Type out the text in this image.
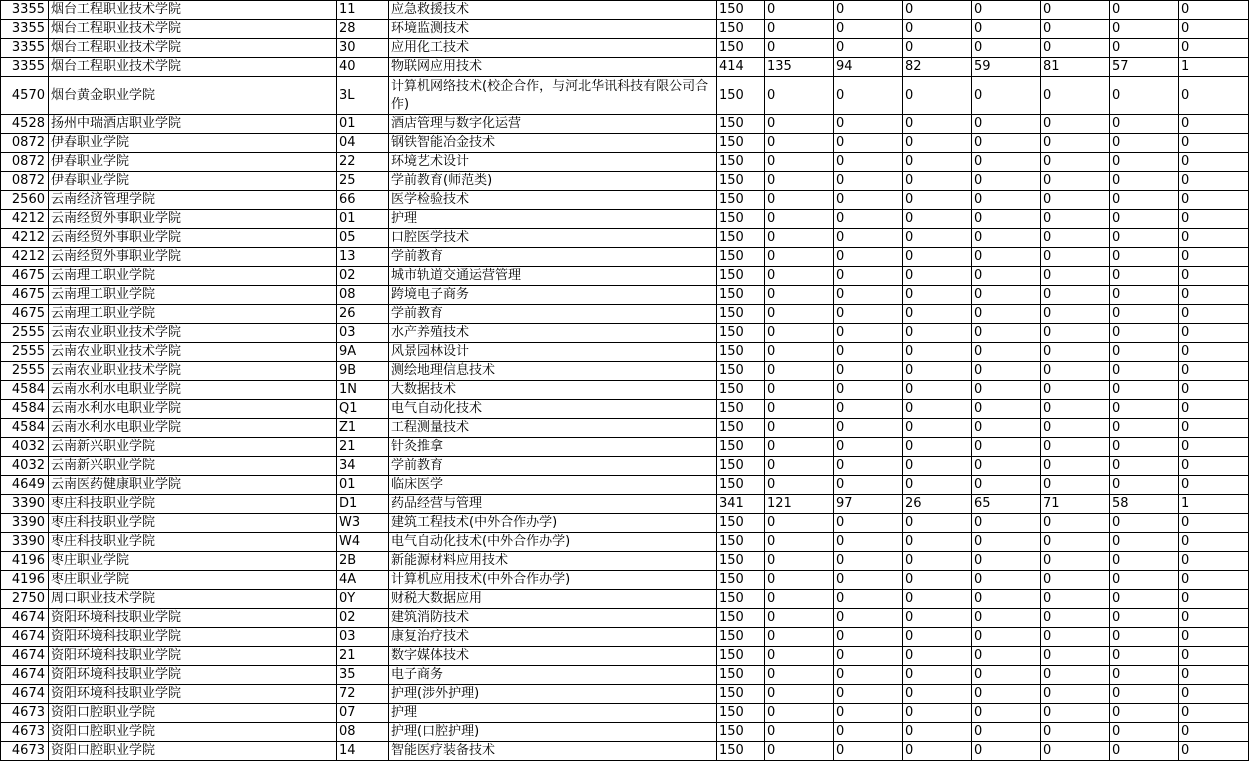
3355	烟台工程职业技术学院	11	应急救援技术	150	0	0	0	0	0	0	0
3355	烟台工程职业技术学院	28	环境监测技术	150	0	0	0	0	0	0	0
3355	烟台工程职业技术学院	30	应用化工技术	150	0	0	0	0	0	0	0
3355	烟台工程职业技术学院	40	物联网应用技术	414	135	94	82	59	81	57	1
4570	烟台黄金职业学院	3L	计算机网络技术(校企合作，与河北华讯科技有限公司合作)	150	0	0	0	0	0	0	0
4528	扬州中瑞酒店职业学院	01	酒店管理与数字化运营	150	0	0	0	0	0	0	0
0872	伊春职业学院	04	钢铁智能冶金技术	150	0	0	0	0	0	0	0
0872	伊春职业学院	22	环境艺术设计	150	0	0	0	0	0	0	0
0872	伊春职业学院	25	学前教育(师范类)	150	0	0	0	0	0	0	0
2560	云南经济管理学院	66	医学检验技术	150	0	0	0	0	0	0	0
4212	云南经贸外事职业学院	01	护理	150	0	0	0	0	0	0	0
4212	云南经贸外事职业学院	05	口腔医学技术	150	0	0	0	0	0	0	0
4212	云南经贸外事职业学院	13	学前教育	150	0	0	0	0	0	0	0
4675	云南理工职业学院	02	城市轨道交通运营管理	150	0	0	0	0	0	0	0
4675	云南理工职业学院	08	跨境电子商务	150	0	0	0	0	0	0	0
4675	云南理工职业学院	26	学前教育	150	0	0	0	0	0	0	0
2555	云南农业职业技术学院	03	水产养殖技术	150	0	0	0	0	0	0	0
2555	云南农业职业技术学院	9A	风景园林设计	150	0	0	0	0	0	0	0
2555	云南农业职业技术学院	9B	测绘地理信息技术	150	0	0	0	0	0	0	0
4584	云南水利水电职业学院	1N	大数据技术	150	0	0	0	0	0	0	0
4584	云南水利水电职业学院	Q1	电气自动化技术	150	0	0	0	0	0	0	0
4584	云南水利水电职业学院	Z1	工程测量技术	150	0	0	0	0	0	0	0
4032	云南新兴职业学院	21	针灸推拿	150	0	0	0	0	0	0	0
4032	云南新兴职业学院	34	学前教育	150	0	0	0	0	0	0	0
4649	云南医药健康职业学院	01	临床医学	150	0	0	0	0	0	0	0
3390	枣庄科技职业学院	D1	药品经营与管理	341	121	97	26	65	71	58	1
3390	枣庄科技职业学院	W3	建筑工程技术(中外合作办学)	150	0	0	0	0	0	0	0
3390	枣庄科技职业学院	W4	电气自动化技术(中外合作办学)	150	0	0	0	0	0	0	0
4196	枣庄职业学院	2B	新能源材料应用技术	150	0	0	0	0	0	0	0
4196	枣庄职业学院	4A	计算机应用技术(中外合作办学)	150	0	0	0	0	0	0	0
2750	周口职业技术学院	0Y	财税大数据应用	150	0	0	0	0	0	0	0
4674	资阳环境科技职业学院	02	建筑消防技术	150	0	0	0	0	0	0	0
4674	资阳环境科技职业学院	03	康复治疗技术	150	0	0	0	0	0	0	0
4674	资阳环境科技职业学院	21	数字媒体技术	150	0	0	0	0	0	0	0
4674	资阳环境科技职业学院	35	电子商务	150	0	0	0	0	0	0	0
4674	资阳环境科技职业学院	72	护理(涉外护理)	150	0	0	0	0	0	0	0
4673	资阳口腔职业学院	07	护理	150	0	0	0	0	0	0	0
4673	资阳口腔职业学院	08	护理(口腔护理)	150	0	0	0	0	0	0	0
4673	资阳口腔职业学院	14	智能医疗装备技术	150	0	0	0	0	0	0	0
